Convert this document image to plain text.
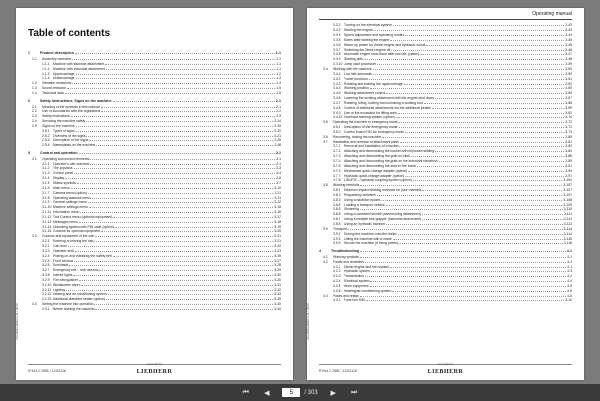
Table of contents
1	Product description	1-1
1.1	Assembly overview	1-1
1.1.1	Machine with backhoe attachment	1-1
1.1.2	Machine with industrial attachment	1-1
1.1.3	Uppercarriage	1-2
1.1.4	Undercarriage	1-3
1.2	Vibration emissions	1-4
1.3	Sound emission	1-5
1.4	Technical data	1-5
2	Safety instructions, Signs on the machine	2-1
2.1	Meaning of the symbols in this manual	2-1
2.2	Use in accordance with the regulations	2-2
2.3	Safety instructions	2-3
2.4	Servicing the machine safely	2-14
2.5	Signs on the machine	2-19
2.5.1	Types of signs	2-20
2.5.2	Overview of the signs	2-21
2.5.3	Description of the signs	2-26
2.5.4	Nameplates on the machine	2-46
3	Control and operation	3-1
3.1	Operating and control elements	3-1
3.1.1	Operator's cab overview	3-1
3.1.2	The joysticks	3-3
3.1.3	Control panel	3-4
3.1.4	Display	3-6
3.1.5	Status symbols	3-7
3.1.6	Main menu	3-10
3.1.7	Camera menu (option)	3-11
3.1.8	Operating statuses menu	3-11
3.1.9	General settings menu	3-12
3.1.10 Machine settings menu	3-15
3.1.11 Information menu	3-16
3.1.12 Tool Control menu (optional equipment)	3-17
3.1.13 Messages menu	3-18
3.1.14 Unlocking system with PIN code (option)	3-19
3.1.15 Controls for optional equipment	3-20
3.2	Controls and equipment of the cab	3-21
3.2.1	Entering or leaving the cab	3-21
3.2.2	Cab door	3-22
3.2.3	Operator seat	3-23
3.2.4	Putting on and releasing the safety belt	3-26
3.2.5	Front window	3-27
3.2.6	Sunshade	3-28
3.2.7	Emergency exit – rear window	3-29
3.2.8	Interior lights	3-30
3.2.9	Fire extinguisher	3-30
3.2.10 Windscreen wiper	3-31
3.2.11 Lighting	3-32
3.2.12 Heating and air conditioning system	3-33
3.2.13 Additional standard heater (option)	3-39
3.3	Setting the machine into operation	3-40
3.3.1	Before starting the machine	3-40
LiFunktionalitaten 11 / 2016
R 944 C SME / 11321116
Copyright by
LIEBHERR
Operating manual
3.3.2	Turning on the electrical system	3-43
3.3.3	Starting the engine	3-43
3.3.4	Speed adjustment and operating modes	3-44
3.3.5	Notes after starting the engine	3-45
3.3.6	Warm-up phase for Diesel engine and hydraulic circuit	3-45
3.3.7	Switching the Diesel engine off	3-46
3.3.8	Automatic engine shut-down after low idle (option)	3-47
3.3.9	Starting aids	3-48
3.3.10 Jump start procedure	3-49
3.4	Working with the machine	3-50
3.4.1	Low idle automatic	3-50
3.4.2	Travel functions	3-51
3.4.3	Rotating and braking the uppercarriage	3-54
3.4.4	Working position	3-55
3.4.5	Working attachment control	3-56
3.4.6	Lowering the working attachment with the engine shut down	3-57
3.4.7	Rotating, tilting, locking and unlocking a working tool	3-58
3.4.8	Control of additional attachments via the additional pedals	3-59
3.4.9	Use of the excavator for lifting work	3-62
3.4.10 Overload warning system (option)	3-70
3.5	Operating the machine in emergency mode	3-72
3.5.1	Description of the emergency mode	3-72
3.5.2	Control board ES2 for emergency mode	3-73
3.6	Recovering, towing the machine	3-80
3.7	Installation and removal of attachment parts	3-81
3.7.1	Removal and installation of a bucket	3-82
3.7.2	Attaching and dismounting the bucket with improved sealing	3-84
3.7.3	Attaching and dismounting the grab on stick	3-88
3.7.4	Attaching and dismounting the grab on the industrial stanchion	3-89
3.7.5	Attaching and dismounting the stick to the boom	3-91
3.7.6	Mechanical quick-change adapter (option)	3-93
3.7.7	Hydraulic quick-change adapter (option)	3-97
3.7.8	LIKUFIX – hydraulic coupling system (option)	3-104
3.8	Working methods	3-107
3.8.1	Minimum impact working methods for your machine	3-107
3.8.2	Preparatory activities	3-107
3.8.3	Using a backhoe bucket	3-108
3.8.4	Loading a transport vehicle	3-109
3.8.5	Skimming	3-110
3.8.6	Using a clamshell bucket (earthmoving attachment)	3-111
3.8.7	Using a multiple tine grapple (industrial attachment)	3-112
3.8.8	Using an hydraulic hammer	3-113
3.9	Transport	3-114
3.9.1	Driving the machine onto the trailer	3-114
3.9.2	Lifting the machine with a crane	3-116
3.9.3	Secure the machine (6 fixing points)	3-118
4	Troubleshooting	4-1
4.1	Warning symbols	4-1
4.2	Faults and remedies	4-1
4.2.1	Diesel engine and fuel system	4-1
4.2.2	Hydraulic system	4-3
4.2.3	Transmission	4-4
4.2.4	Electrical system	4-4
4.2.5	Work equipment	4-5
4.2.6	Heating/air-conditioning system	4-5
4.3	Fuses and relays	4-6
4.3.1	Fuse box E80	4-10
LiFunktionalitaten 11 / 2016
R 944 C SME / 11321116
Copyright by
LIEBHERR
⏮	◀	5	/ 303	▶	⏭
